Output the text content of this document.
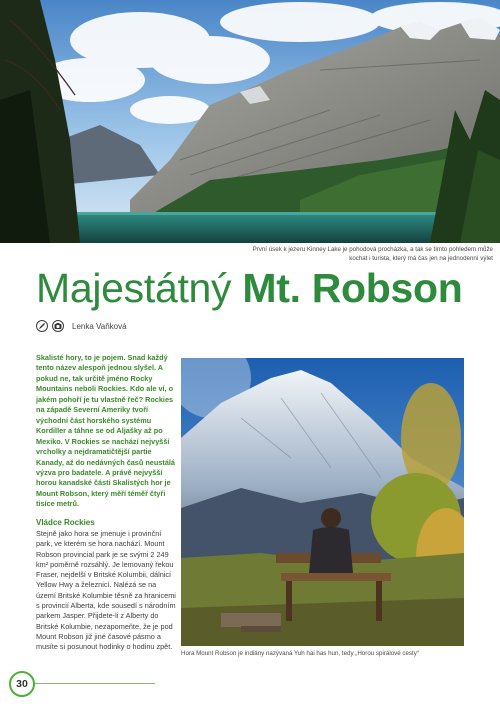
První úsek k jezeru Kinney Lake je pohodová procházka, a tak se tímto pohledem může
kochat i turista, který má čas jen na jednodenní výlet
Majestátný Mt. Robson
Lenka Vaňková
Skalisté hory, to je pojem. Snad každý tento název alespoň jednou slyšel. A pokud ne, tak určitě jméno Rocky Mountains neboli Rockies. Kdo ale ví, o jakém pohoří je tu vlastně řeč? Rockies na západě Severní Ameriky tvoří východní část horského systému Kordiller a táhne se od Aljašky až po Mexiko. V Rockies se nachází nejvyšší vrcholky a nejdramatičtější partie Kanady, až do nedávných časů neustálá výzva pro badatele. A právě nejvyšší horou kanadské části Skalistých hor je Mount Robson, který měří téměř čtyři tisíce metrů.
Vládce Rockies
Stejně jako hora se jmenuje i provinční park, ve kterém se hora nachází. Mount Robson provincial park je se svými 2 249 km² poměrně rozsáhlý. Je lemovaný řekou Fraser, nejdelší v Britské Kolumbii, dálnicí Yellow Hwy a železnicí. Nalézá se na území Britské Kolumbie těsně za hranicemi s provincií Alberta, kde sousedí s národním parkem Jasper. Přijdete-li z Alberty do Britské Kolumbie, nezapomeňte, že je pod Mount Robson již jiné časové pásmo a musíte si posunout hodinky o hodinu zpět.
Hora Mount Robson je indiány nazývaná Yuh hai has hun, tedy „Horou spirálové cesty“
30
